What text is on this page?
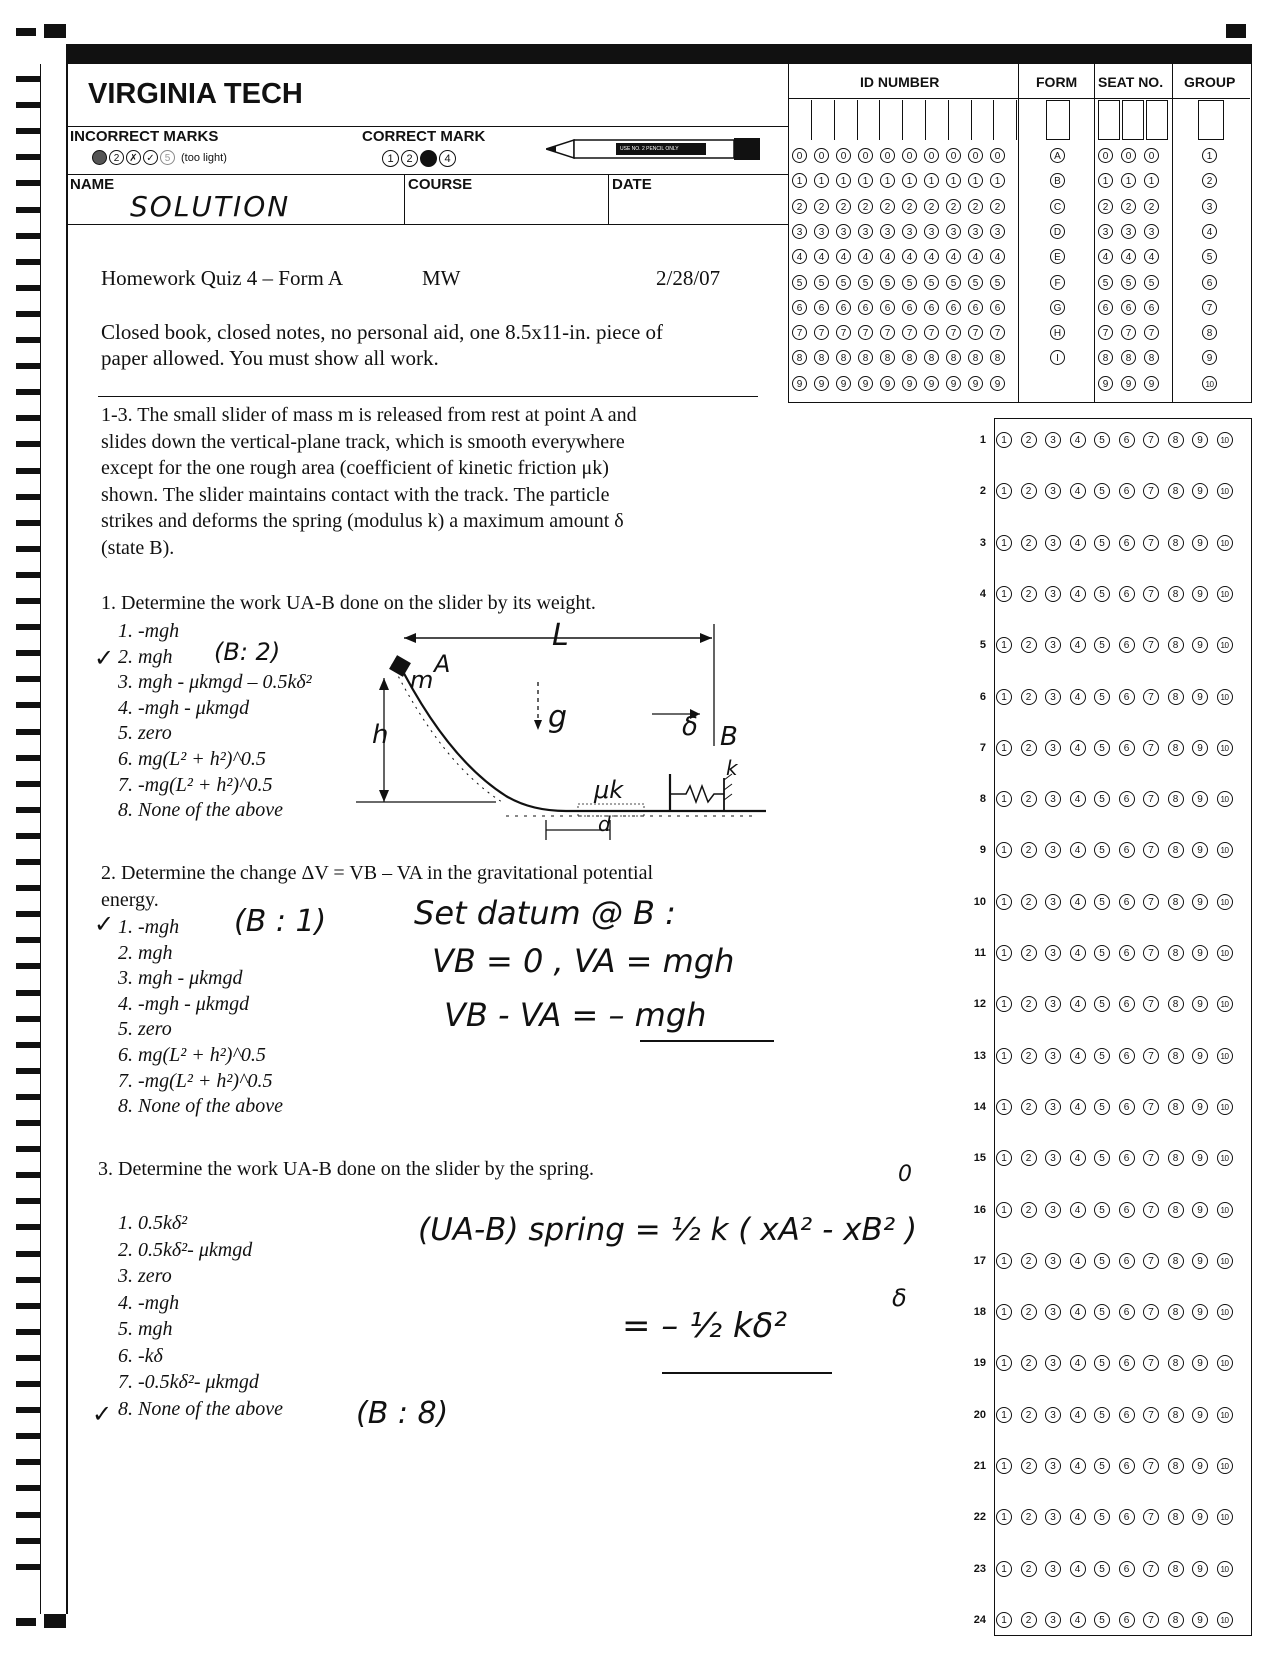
VIRGINIA TECH
INCORRECT MARKS
2	✗ ✓	5 (too light)
CORRECT MARK
1	2	3	4
USE NO. 2 PENCIL ONLY
NAME
SOLUTION
COURSE	DATE
ID NUMBER	FORM SEAT NO. GROUP
0	0	0	0	0	0	0	0	0	0
1	1	1	1	1	1	1	1	1	1
2	2	2	2	2	2	2	2	2	2
3	3	3	3	3	3	3	3	3	3
4	4	4	4	4	4	4	4	4	4
5	5	5	5	5	5	5	5	5	5
6	6	6	6	6	6	6	6	6	6
7	7	7	7	7	7	7	7	7	7
8	8	8	8	8	8	8	8	8	8
9	9	9	9	9	9	9	9	9	9
A
B
C
D
E
F
G
H
I
0	0	0
1	1	1
2	2	2
3	3	3
4	4	4
5	5	5
6	6	6
7	7	7
8	8	8
9	9	9
1
2
3
4
5
6
7
8
9
10
1	1	2	3	4	5	6	7	8	9	10
2	1	2	3	4	5	6	7	8	9	10
3	1	2	3	4	5	6	7	8	9	10
4	1	2	3	4	5	6	7	8	9	10
5	1	2	3	4	5	6	7	8	9	10
6	1	2	3	4	5	6	7	8	9	10
7	1	2	3	4	5	6	7	8	9	10
8	1	2	3	4	5	6	7	8	9	10
9	1	2	3	4	5	6	7	8	9	10
10	1	2	3	4	5	6	7	8	9	10
11	1	2	3	4	5	6	7	8	9	10
12	1	2	3	4	5	6	7	8	9	10
13	1	2	3	4	5	6	7	8	9	10
14	1	2	3	4	5	6	7	8	9	10
15	1	2	3	4	5	6	7	8	9	10
16	1	2	3	4	5	6	7	8	9	10
17	1	2	3	4	5	6	7	8	9	10
18	1	2	3	4	5	6	7	8	9	10
19	1	2	3	4	5	6	7	8	9	10
20	1	2	3	4	5	6	7	8	9	10
21	1	2	3	4	5	6	7	8	9	10
22	1	2	3	4	5	6	7	8	9	10
23	1	2	3	4	5	6	7	8	9	10
24	1	2	3	4	5	6	7	8	9	10
Homework Quiz 4 – Form A	MW	2/28/07
Closed book, closed notes, no personal aid, one 8.5x11-in. piece of
paper allowed. You must show all work.
1-3. The small slider of mass m is released from rest at point A and
slides down the vertical-plane track, which is smooth everywhere
except for the one rough area (coefficient of kinetic friction μk)
shown. The slider maintains contact with the track. The particle
strikes and deforms the spring (modulus k) a maximum amount δ
(state B).
1. Determine the work UA-B done on the slider by its weight.
1. -mgh
2. mgh
3. mgh - μkmgd – 0.5kδ²
4. -mgh - μkmgd
5. zero
6. mg(L² + h²)^0.5
7. -mg(L² + h²)^0.5
8. None of the above
(B: 2)
✓
L
m
A
g
h	δ B
k
μk
d
2. Determine the change ΔV = VB – VA in the gravitational potential
energy.
1. -mgh
2. mgh
3. mgh - μkmgd
4. -mgh - μkmgd
5. zero
6. mg(L² + h²)^0.5
7. -mg(L² + h²)^0.5
8. None of the above
✓	(B : 1)	Set datum @ B :
VB = 0 , VA = mgh
VB - VA = – mgh
3. Determine the work UA-B done on the slider by the spring.
1. 0.5kδ²
2. 0.5kδ²- μkmgd
3. zero
4. -mgh
5. mgh
6. -kδ
7. -0.5kδ²- μkmgd
8. None of the above
✓	(B : 8)
(UA-B) spring = ½ k ( xA² - xB² )
0
δ
= – ½ kδ²
